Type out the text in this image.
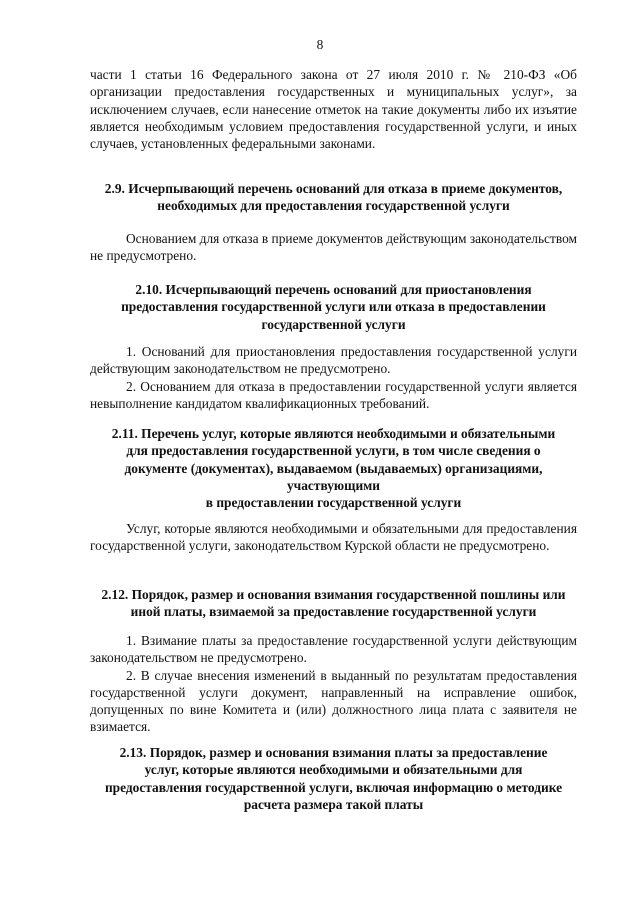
8

части 1 статьи 16 Федерального закона от 27 июля 2010 г. № 210-ФЗ «Об организации предоставления государственных и муниципальных услуг», за исключением случаев, если нанесение отметок на такие документы либо их изъятие является необходимым условием предоставления государственной услуги, и иных случаев, установленных федеральными законами.

2.9. Исчерпывающий перечень оснований для отказа в приеме документов,

необходимых для предоставления государственной услуги

Основанием для отказа в приеме документов действующим законодательством не предусмотрено.

2.10. Исчерпывающий перечень оснований для приостановления

предоставления государственной услуги или отказа в предоставлении

государственной услуги

1. Оснований для приостановления предоставления государственной услуги действующим законодательством не предусмотрено.

2. Основанием для отказа в предоставлении государственной услуги является невыполнение кандидатом квалификационных требований.

2.11. Перечень услуг, которые являются необходимыми и обязательными

для предоставления государственной услуги, в том числе сведения о

документе (документах), выдаваемом (выдаваемых) организациями,

участвующими

в предоставлении государственной услуги

Услуг, которые являются необходимыми и обязательными для предоставления государственной услуги, законодательством Курской области не предусмотрено.

2.12. Порядок, размер и основания взимания государственной пошлины или

иной платы, взимаемой за предоставление государственной услуги

1. Взимание платы за предоставление государственной услуги действующим законодательством не предусмотрено.

2. В случае внесения изменений в выданный по результатам предоставления государственной услуги документ, направленный на исправление ошибок, допущенных по вине Комитета и (или) должностного лица плата с заявителя не взимается.

2.13. Порядок, размер и основания взимания платы за предоставление

услуг, которые являются необходимыми и обязательными для

предоставления государственной услуги, включая информацию о методике

расчета размера такой платы
